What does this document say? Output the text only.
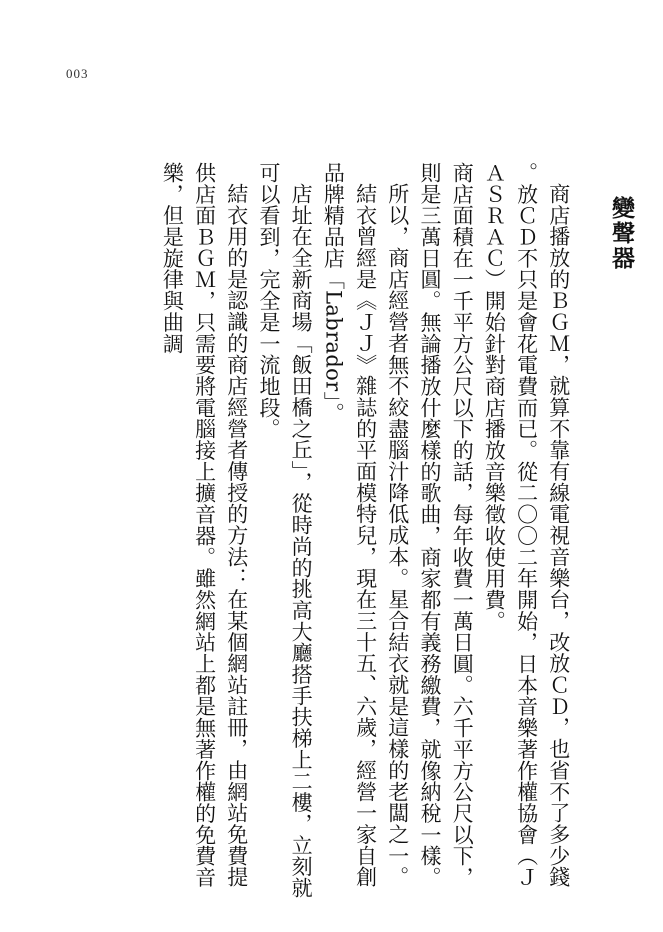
003
變聲器

商店播放的ＢＧＭ，就算不靠有線電視音樂台，改放ＣＤ，也省不了多少錢。放ＣＤ不只是會花電費而已。從二〇〇二年開始，日本音樂著作權協會（ＪＡＳＲＡＣ）開始針對商店播放音樂徵收使用費。

商店面積在一千平方公尺以下的話，每年收費一萬日圓。六千平方公尺以下，則是三萬日圓。無論播放什麼樣的歌曲，商家都有義務繳費，就像納稅一樣。

所以，商店經營者無不絞盡腦汁降低成本。星合結衣就是這樣的老闆之一。

結衣曾經是《ＪＪ》雜誌的平面模特兒，現在三十五、六歲，經營一家自創品牌精品店「Labrador」。

店址在全新商場「飯田橋之丘」，從時尚的挑高大廳搭手扶梯上二樓，立刻就可以看到，完全是一流地段。

結衣用的是認識的商店經營者傳授的方法：在某個網站註冊，由網站免費提供店面ＢＧＭ，只需要將電腦接上擴音器。雖然網站上都是無著作權的免費音樂，但是旋律與曲調
